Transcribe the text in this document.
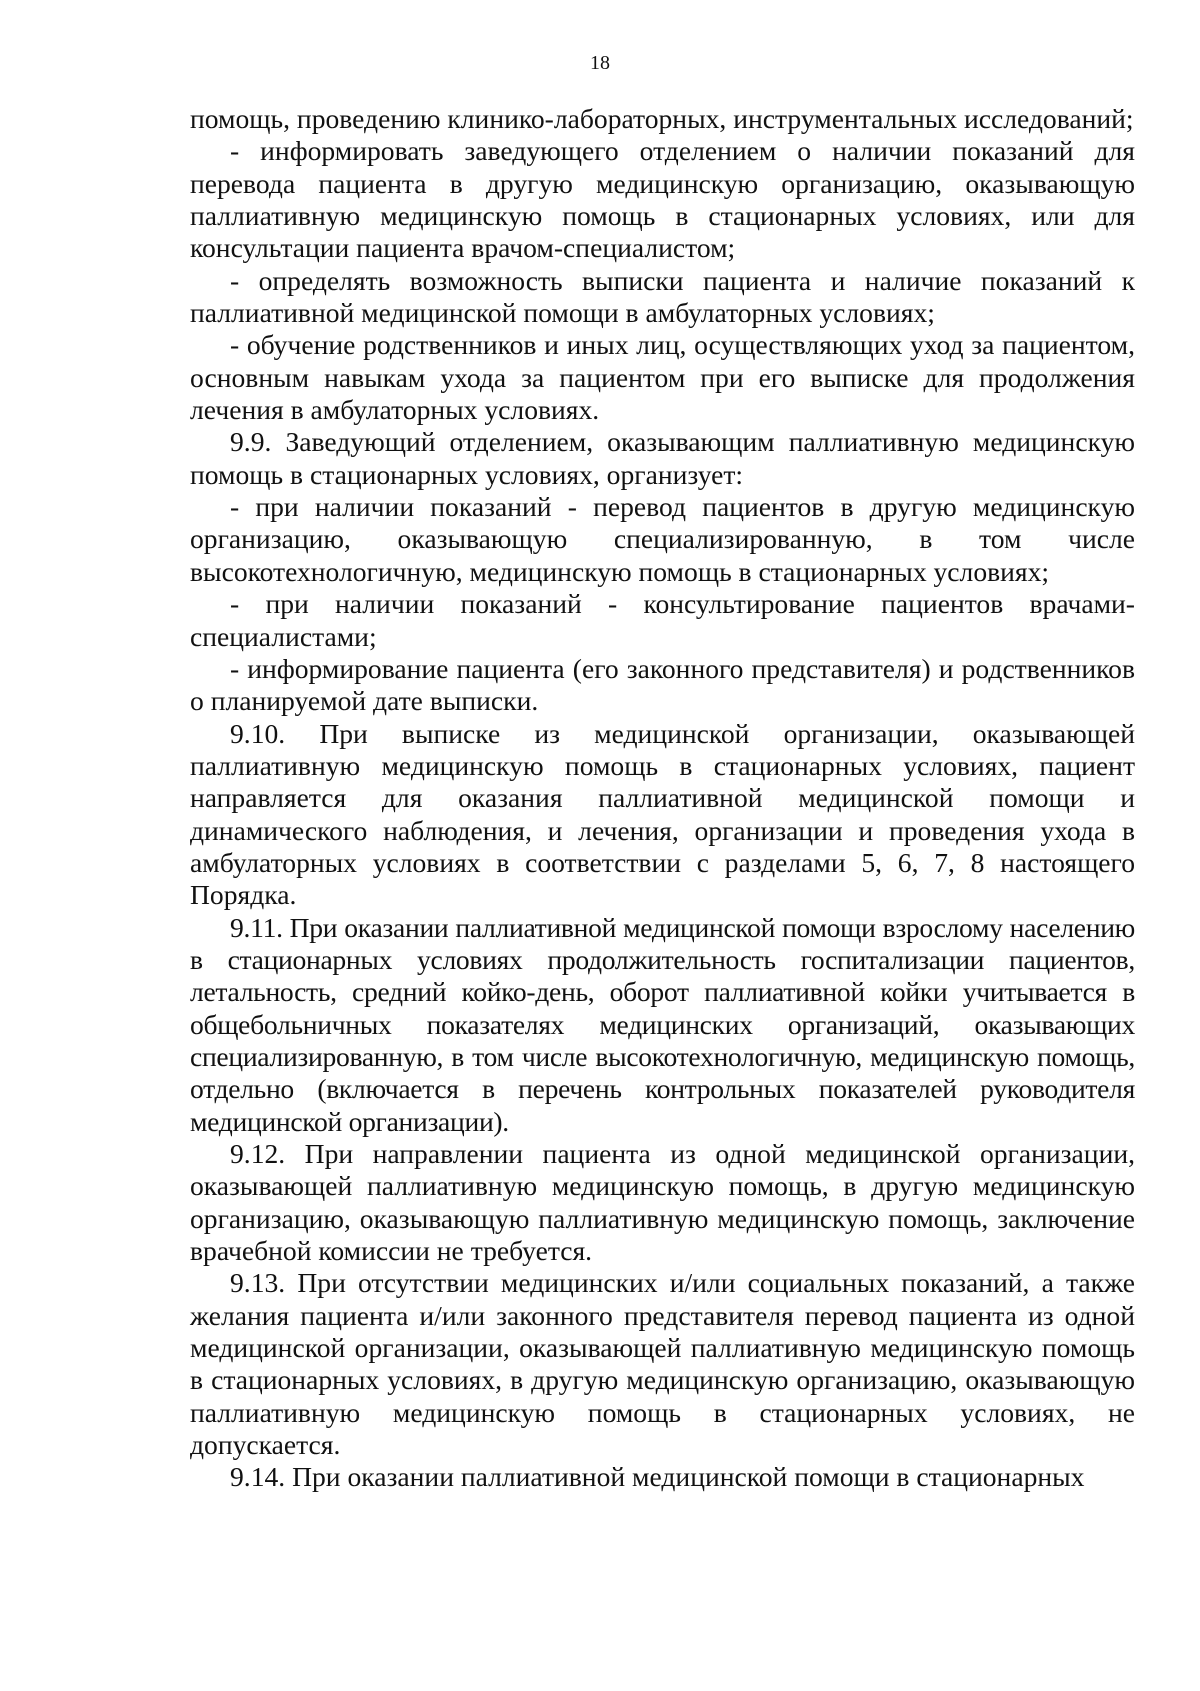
18

помощь, проведению клинико-лабораторных, инструментальных исследований;

- информировать заведующего отделением о наличии показаний для перевода пациента в другую медицинскую организацию, оказывающую паллиативную медицинскую помощь в стационарных условиях, или для консультации пациента врачом-специалистом;

- определять возможность выписки пациента и наличие показаний к паллиативной медицинской помощи в амбулаторных условиях;

- обучение родственников и иных лиц, осуществляющих уход за пациентом, основным навыкам ухода за пациентом при его выписке для продолжения лечения в амбулаторных условиях.

9.9. Заведующий отделением, оказывающим паллиативную медицинскую помощь в стационарных условиях, организует:

- при наличии показаний - перевод пациентов в другую медицинскую организацию, оказывающую специализированную, в том числе высокотехнологичную, медицинскую помощь в стационарных условиях;

- при наличии показаний - консультирование пациентов врачами-специалистами;

- информирование пациента (его законного представителя) и родственников о планируемой дате выписки.

9.10. При выписке из медицинской организации, оказывающей паллиативную медицинскую помощь в стационарных условиях, пациент направляется для оказания паллиативной медицинской помощи и динамического наблюдения, и лечения, организации и проведения ухода в амбулаторных условиях в соответствии с разделами 5, 6, 7, 8 настоящего Порядка.

9.11. При оказании паллиативной медицинской помощи взрослому населению в стационарных условиях продолжительность госпитализации пациентов, летальность, средний койко-день, оборот паллиативной койки учитывается в общебольничных показателях медицинских организаций, оказывающих специализированную, в том числе высокотехнологичную, медицинскую помощь, отдельно (включается в перечень контрольных показателей руководителя медицинской организации).

9.12. При направлении пациента из одной медицинской организации, оказывающей паллиативную медицинскую помощь, в другую медицинскую организацию, оказывающую паллиативную медицинскую помощь, заключение врачебной комиссии не требуется.

9.13. При отсутствии медицинских и/или социальных показаний, а также желания пациента и/или законного представителя перевод пациента из одной медицинской организации, оказывающей паллиативную медицинскую помощь в стационарных условиях, в другую медицинскую организацию, оказывающую паллиативную медицинскую помощь в стационарных условиях, не допускается.

9.14. При оказании паллиативной медицинской помощи в стационарных
